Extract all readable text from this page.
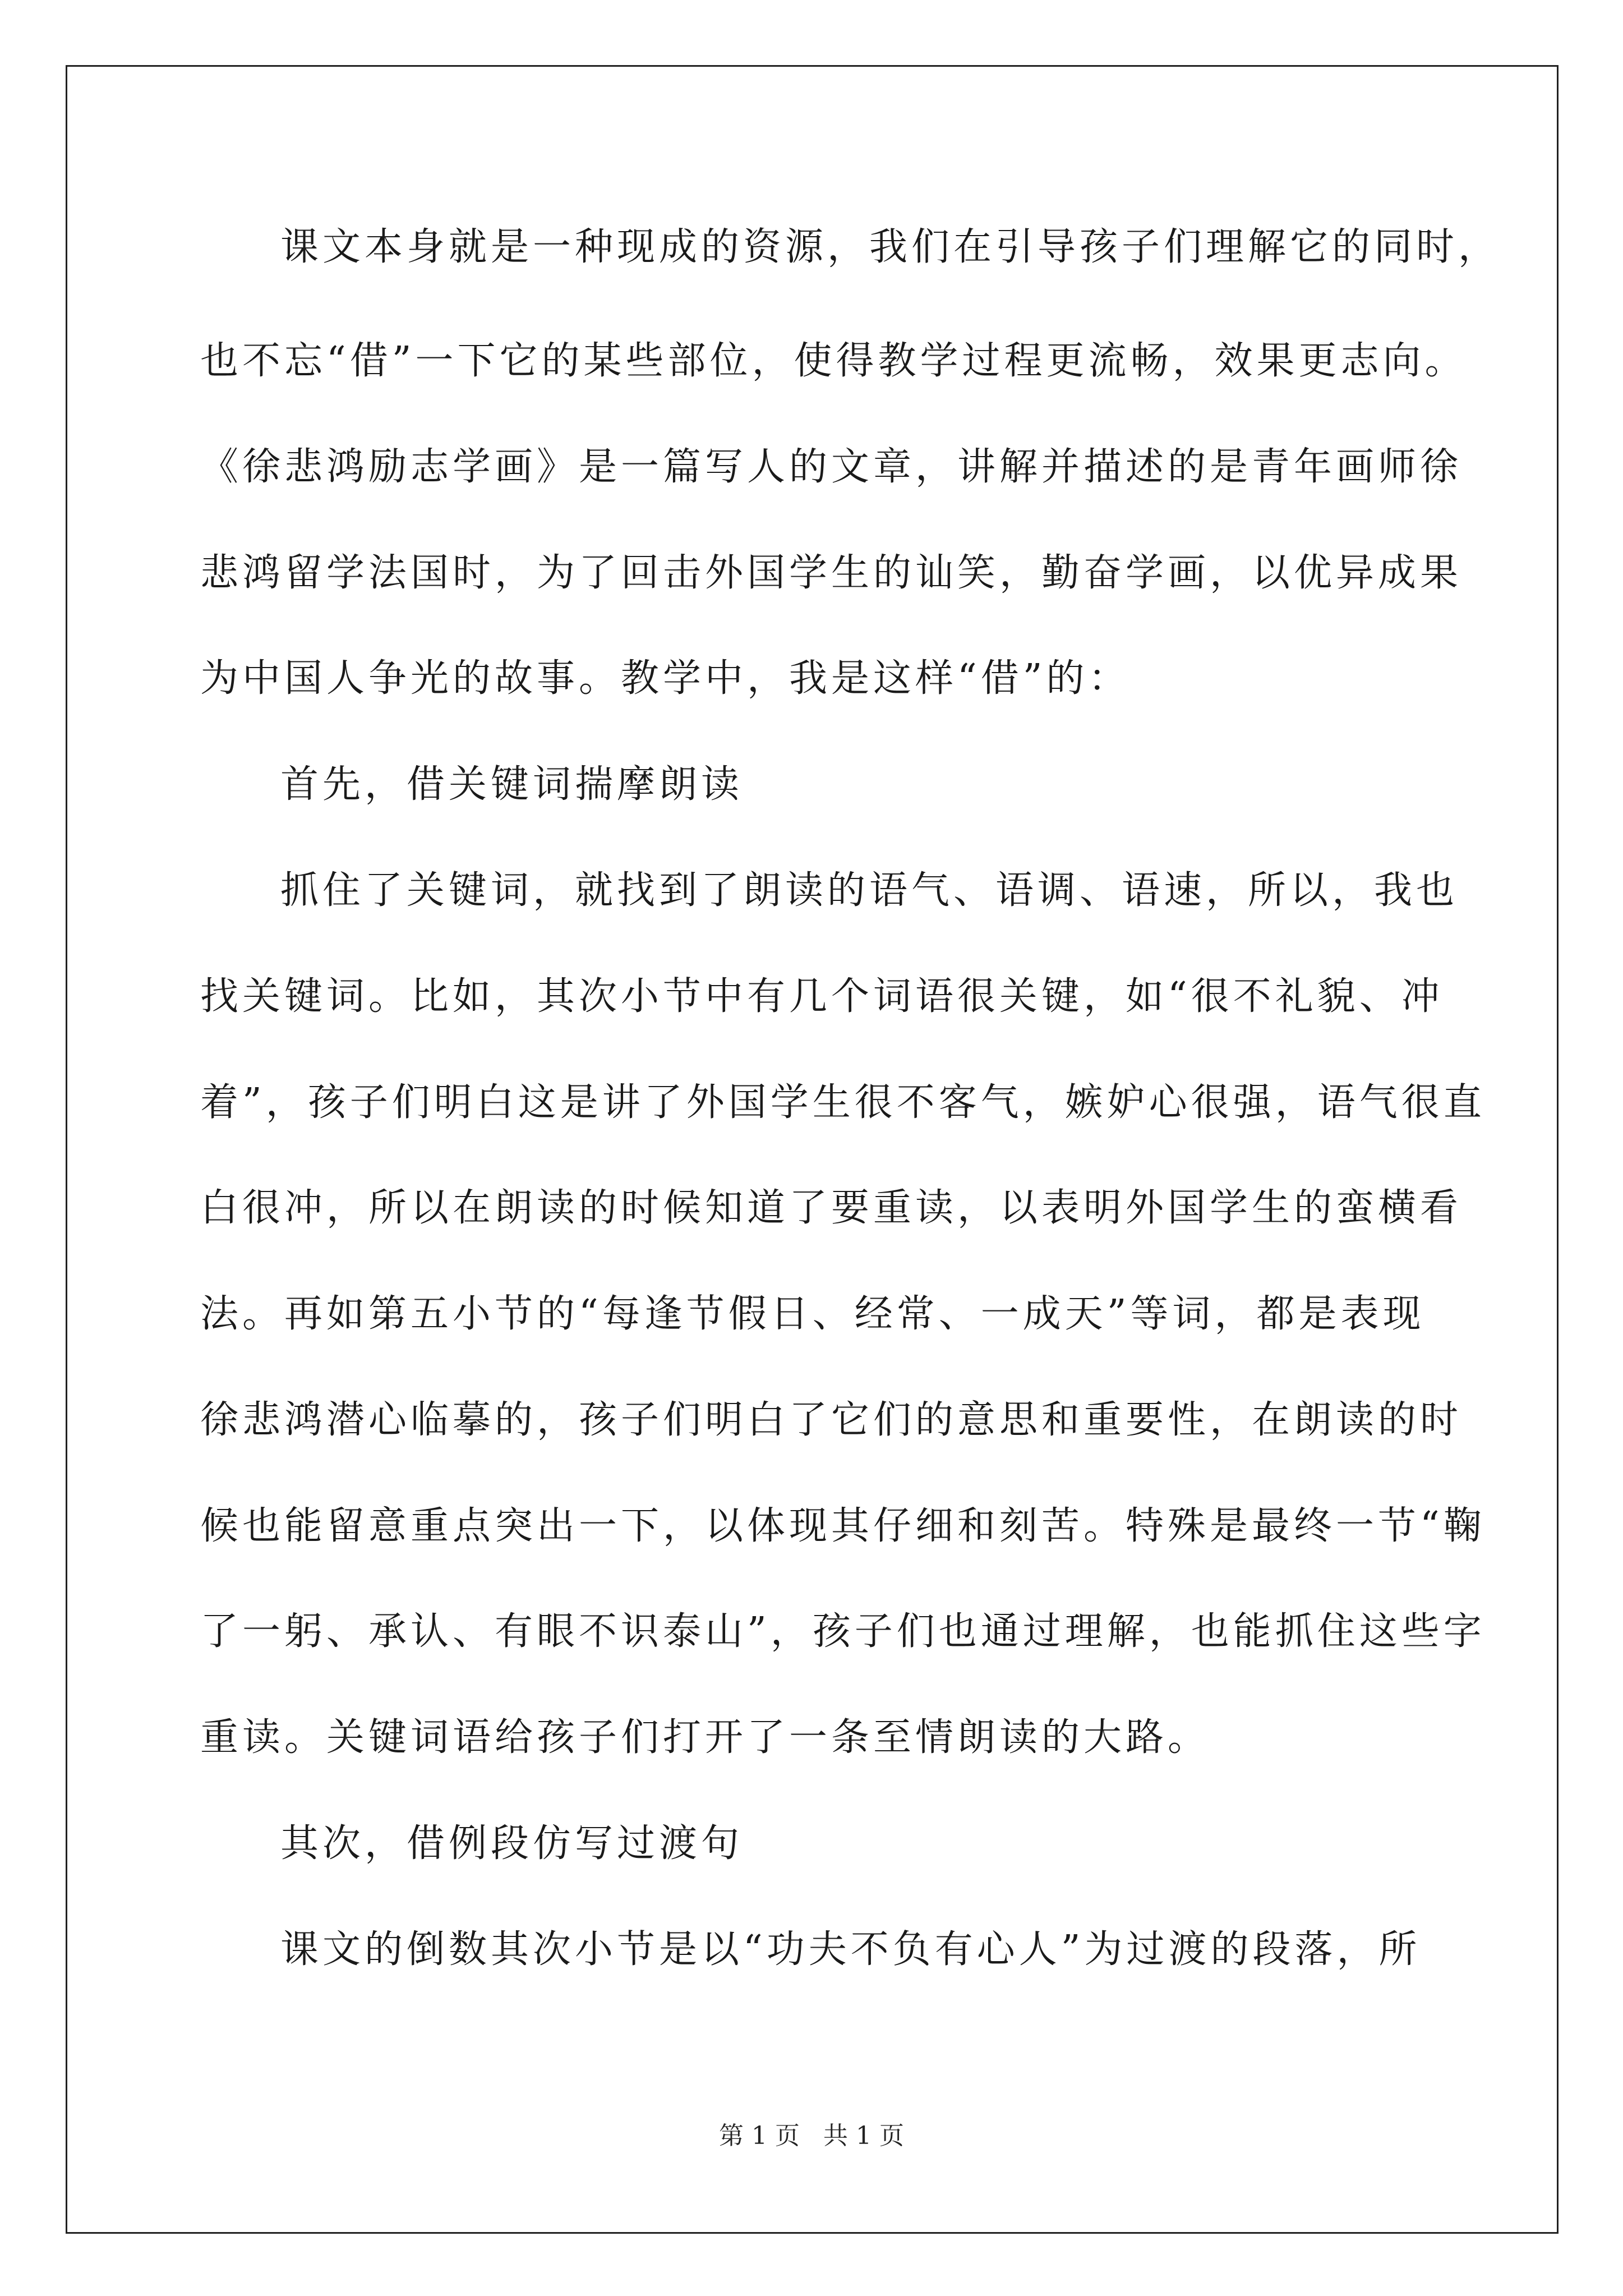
课文本身就是一种现成的资源，我们在引导孩子们理解它的同时，
也不忘“借”一下它的某些部位，使得教学过程更流畅，效果更志向。
《徐悲鸿励志学画》是一篇写人的文章，讲解并描述的是青年画师徐
悲鸿留学法国时，为了回击外国学生的讪笑，勤奋学画，以优异成果
为中国人争光的故事。教学中，我是这样“借”的：
首先，借关键词揣摩朗读
抓住了关键词，就找到了朗读的语气、语调、语速，所以，我也
找关键词。比如，其次小节中有几个词语很关键，如“很不礼貌、冲
着”，孩子们明白这是讲了外国学生很不客气，嫉妒心很强，语气很直
白很冲，所以在朗读的时候知道了要重读，以表明外国学生的蛮横看
法。再如第五小节的“每逢节假日、经常、一成天”等词，都是表现
徐悲鸿潜心临摹的，孩子们明白了它们的意思和重要性，在朗读的时
候也能留意重点突出一下，以体现其仔细和刻苦。特殊是最终一节“鞠
了一躬、承认、有眼不识泰山”，孩子们也通过理解，也能抓住这些字
重读。关键词语给孩子们打开了一条至情朗读的大路。
其次，借例段仿写过渡句
课文的倒数其次小节是以“功夫不负有心人”为过渡的段落，所
第 1 页 共 1 页
